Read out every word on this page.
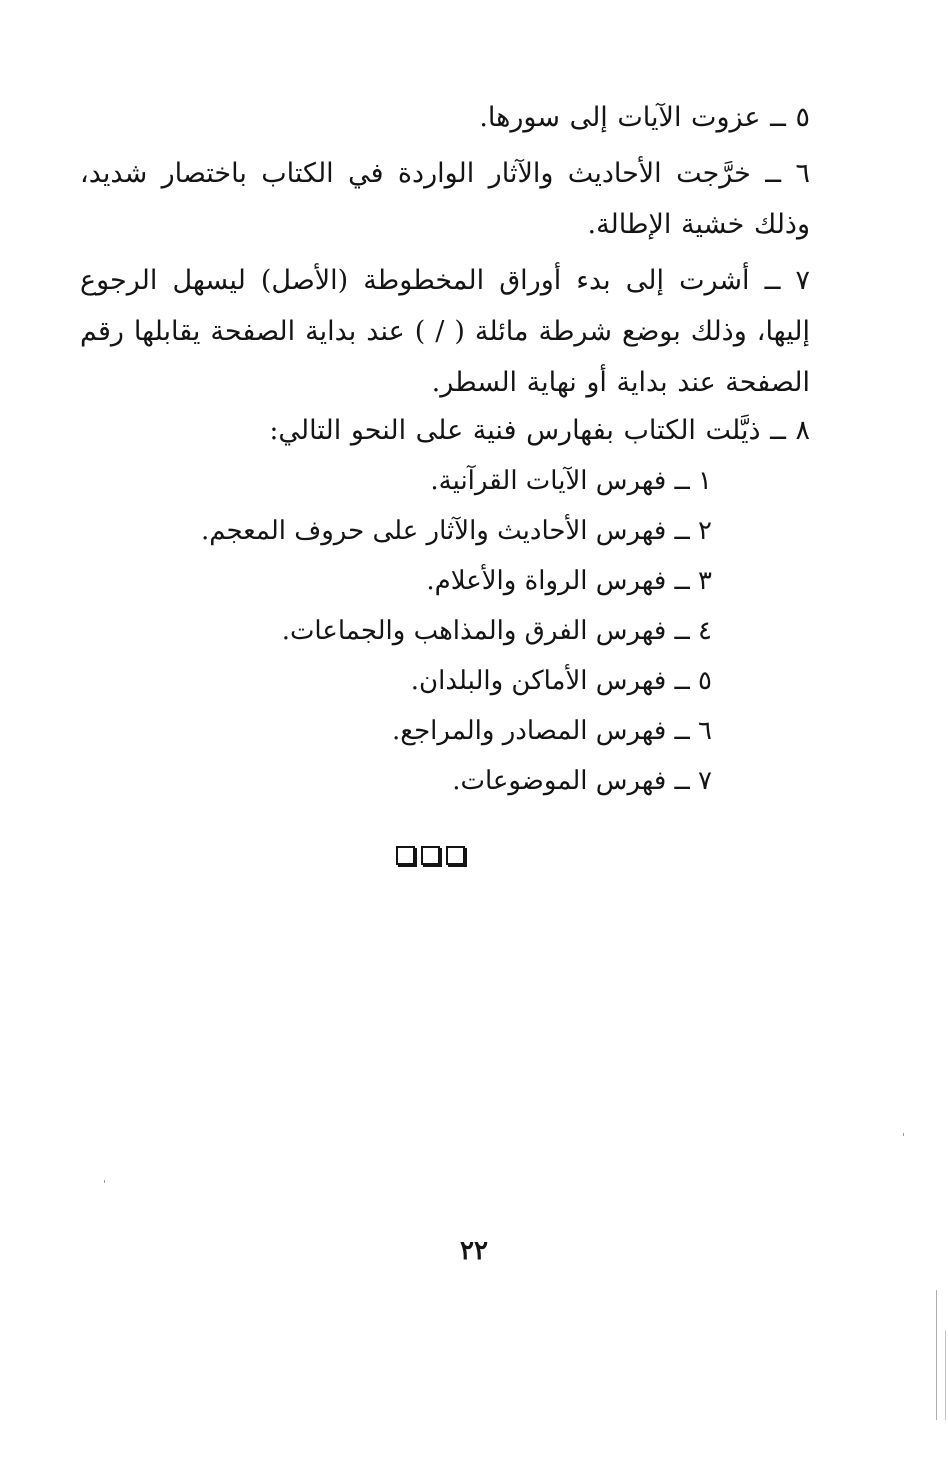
٥ ــ عزوت الآيات إلى سورها.

٦ ــ خرَّجت الأحاديث والآثار الواردة في الكتاب باختصار شديد، وذلك خشية الإطالة.

٧ ــ أشرت إلى بدء أوراق المخطوطة (الأصل) ليسهل الرجوع إليها، وذلك بوضع شرطة مائلة ( / ) عند بداية الصفحة يقابلها رقم الصفحة عند بداية أو نهاية السطر.

٨ ــ ذيَّلت الكتاب بفهارس فنية على النحو التالي:

١ ــ فهرس الآيات القرآنية.
٢ ــ فهرس الأحاديث والآثار على حروف المعجم.
٣ ــ فهرس الرواة والأعلام.
٤ ــ فهرس الفرق والمذاهب والجماعات.
٥ ــ فهرس الأماكن والبلدان.
٦ ــ فهرس المصادر والمراجع.
٧ ــ فهرس الموضوعات.
٢٢
